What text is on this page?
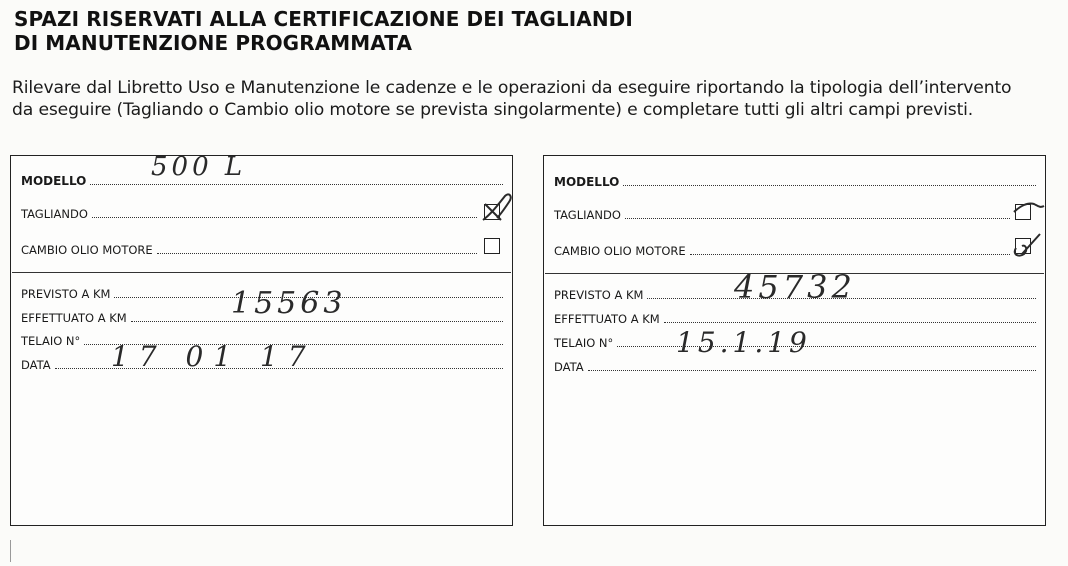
SPAZI RISERVATI ALLA CERTIFICAZIONE DEI TAGLIANDI
DI MANUTENZIONE PROGRAMMATA

Rilevare dal Libretto Uso e Manutenzione le cadenze e le operazioni da eseguire riportando la tipologia dell’intervento
da eseguire (Tagliando o Cambio olio motore se prevista singolarmente) e completare tutti gli altri campi previsti.

MODELLO 500 L
TAGLIANDO
CAMBIO OLIO MOTORE
PREVISTO A KM
EFFETTUATO A KM	15563
TELAIO N°
DATA 17 01 17
MODELLO
TAGLIANDO
CAMBIO OLIO MOTORE
PREVISTO A KM	45732
EFFETTUATO A KM
TELAIO N° 15.1.19
DATA
